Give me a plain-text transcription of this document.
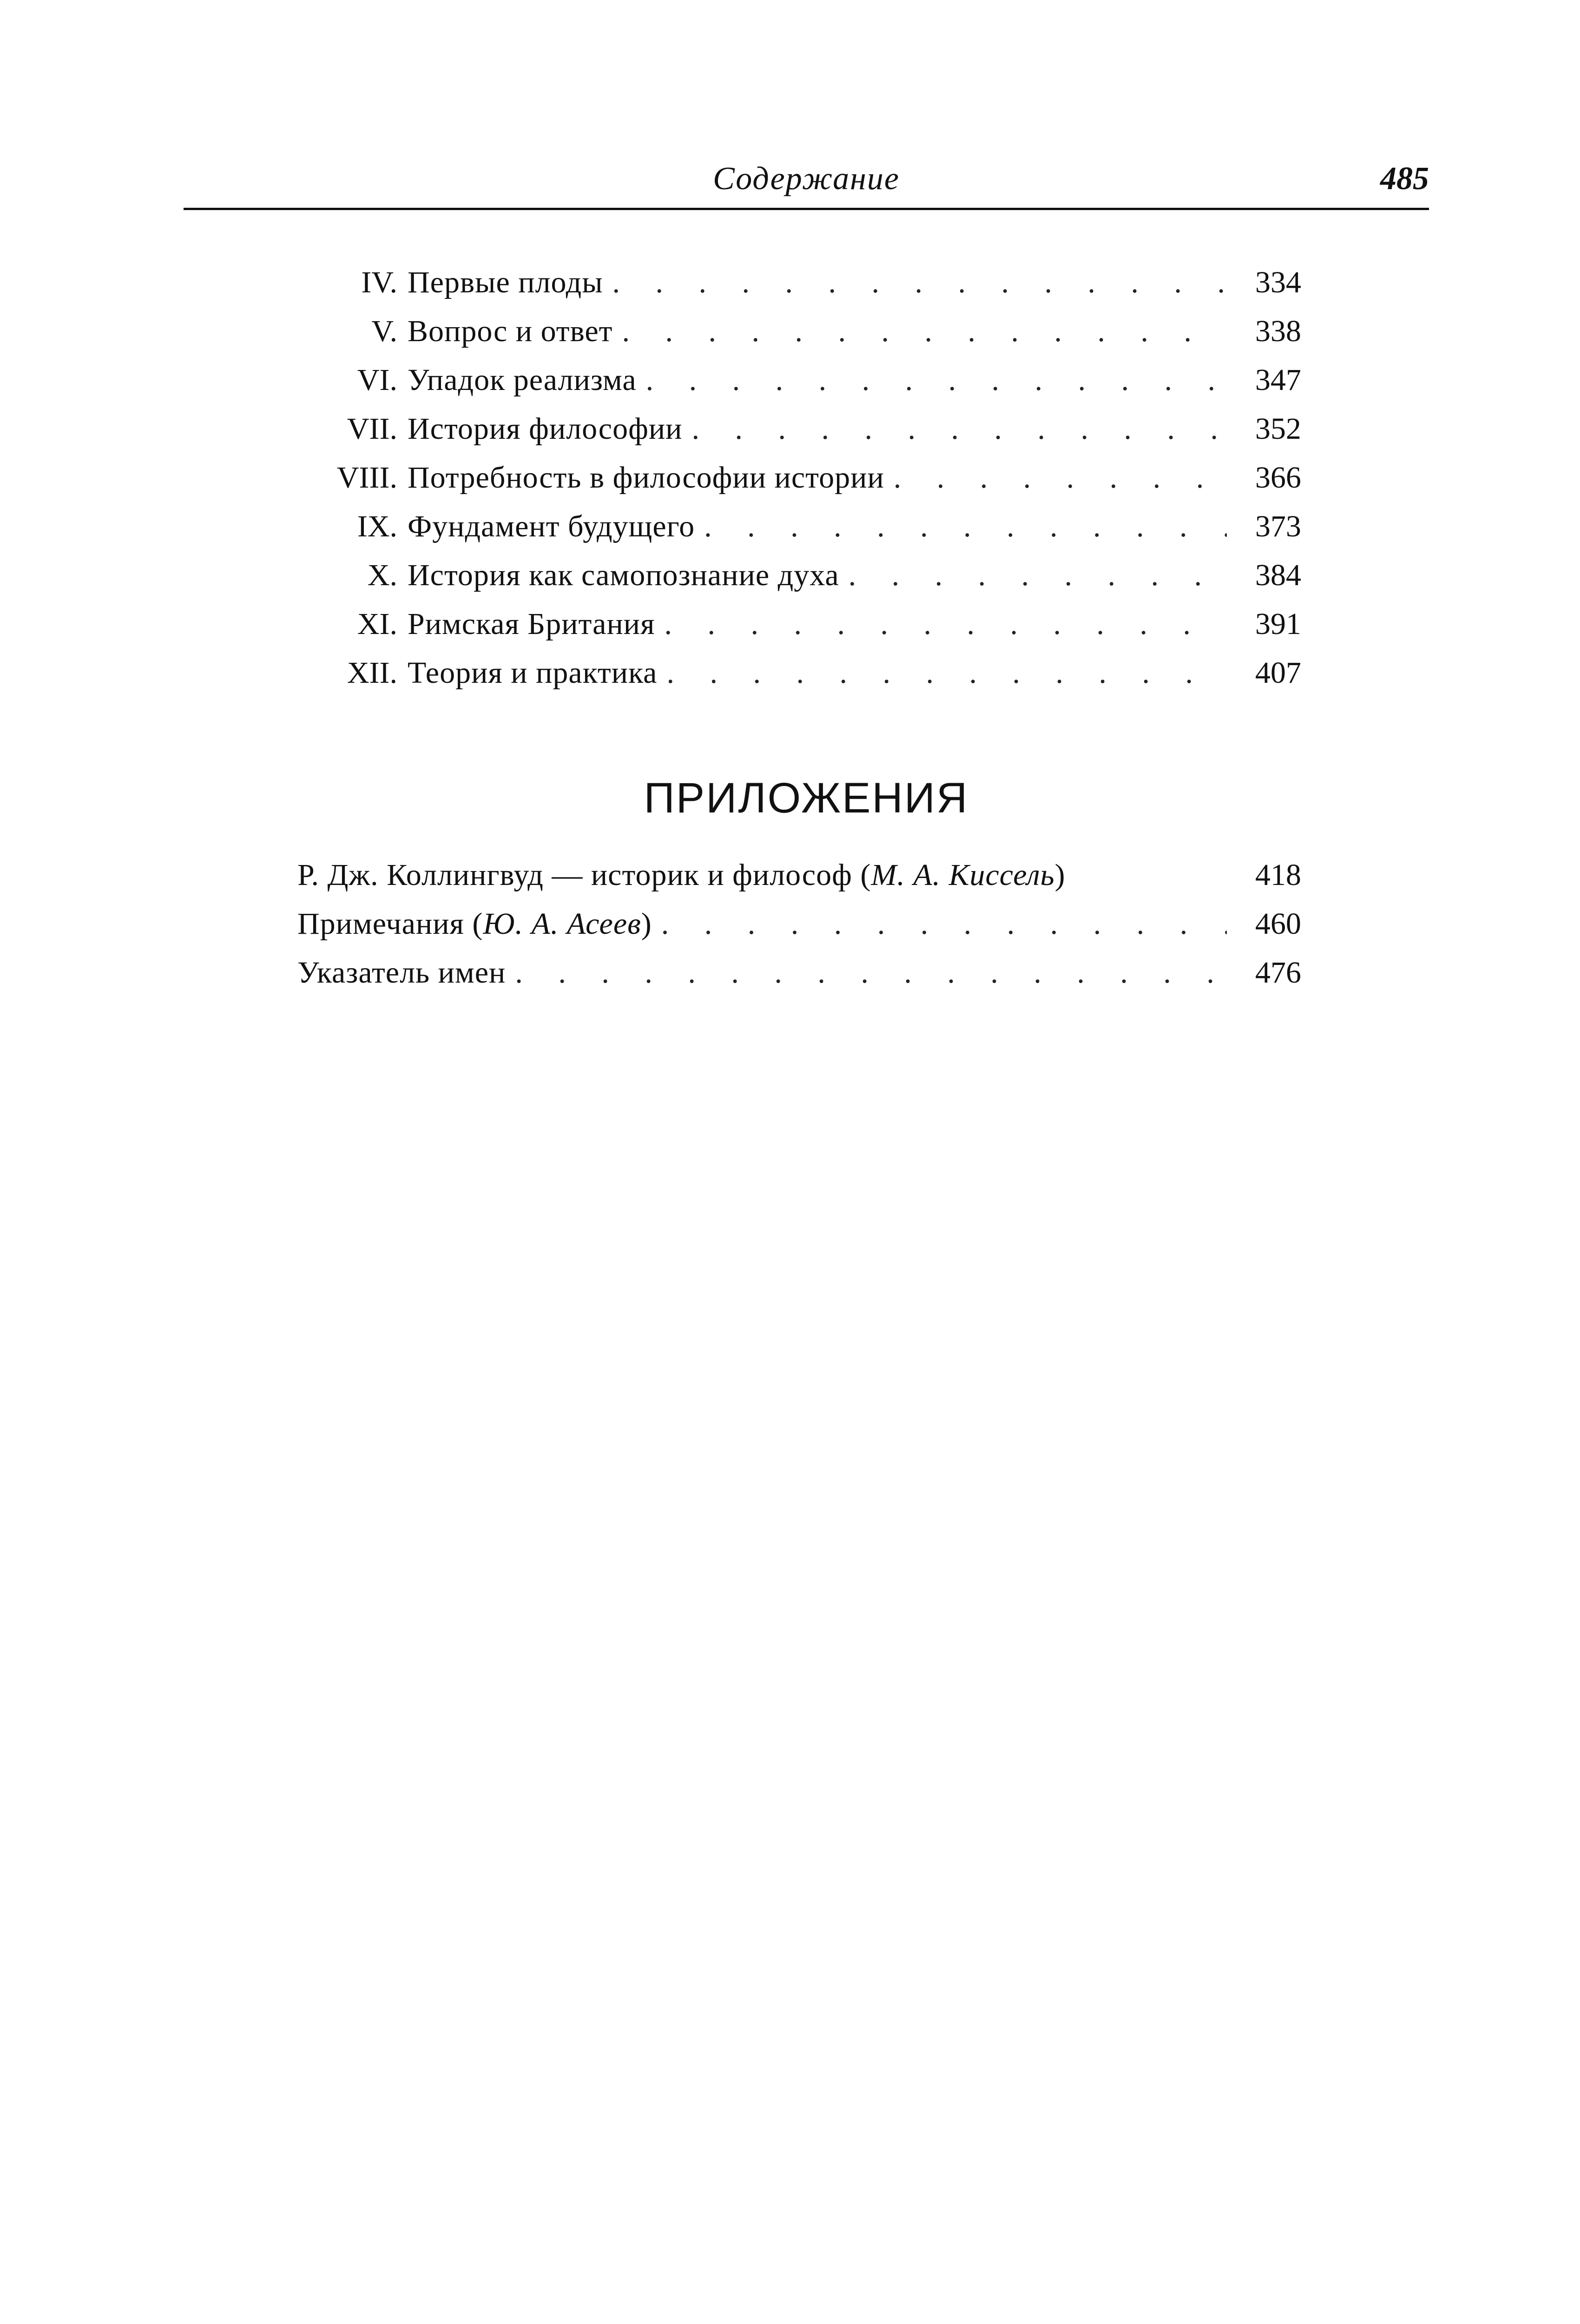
Содержание	485
IV. Первые плоды . . .	334
V. Вопрос и ответ . . .	338
VI. Упадок реализма . . .	347
VII. История философии . . .	352
VIII. Потребность в философии истории . . .	366
IX. Фундамент будущего . . .	373
X. История как самопознание духа . . .	384
XI. Римская Британия . . .	391
XII. Теория и практика . . .	407
ПРИЛОЖЕНИЯ
Р. Дж. Коллингвуд — историк и философ (М. А. Киссель)	418
Примечания (Ю. А. Асеев) . . .	460
Указатель имен . . .	476
